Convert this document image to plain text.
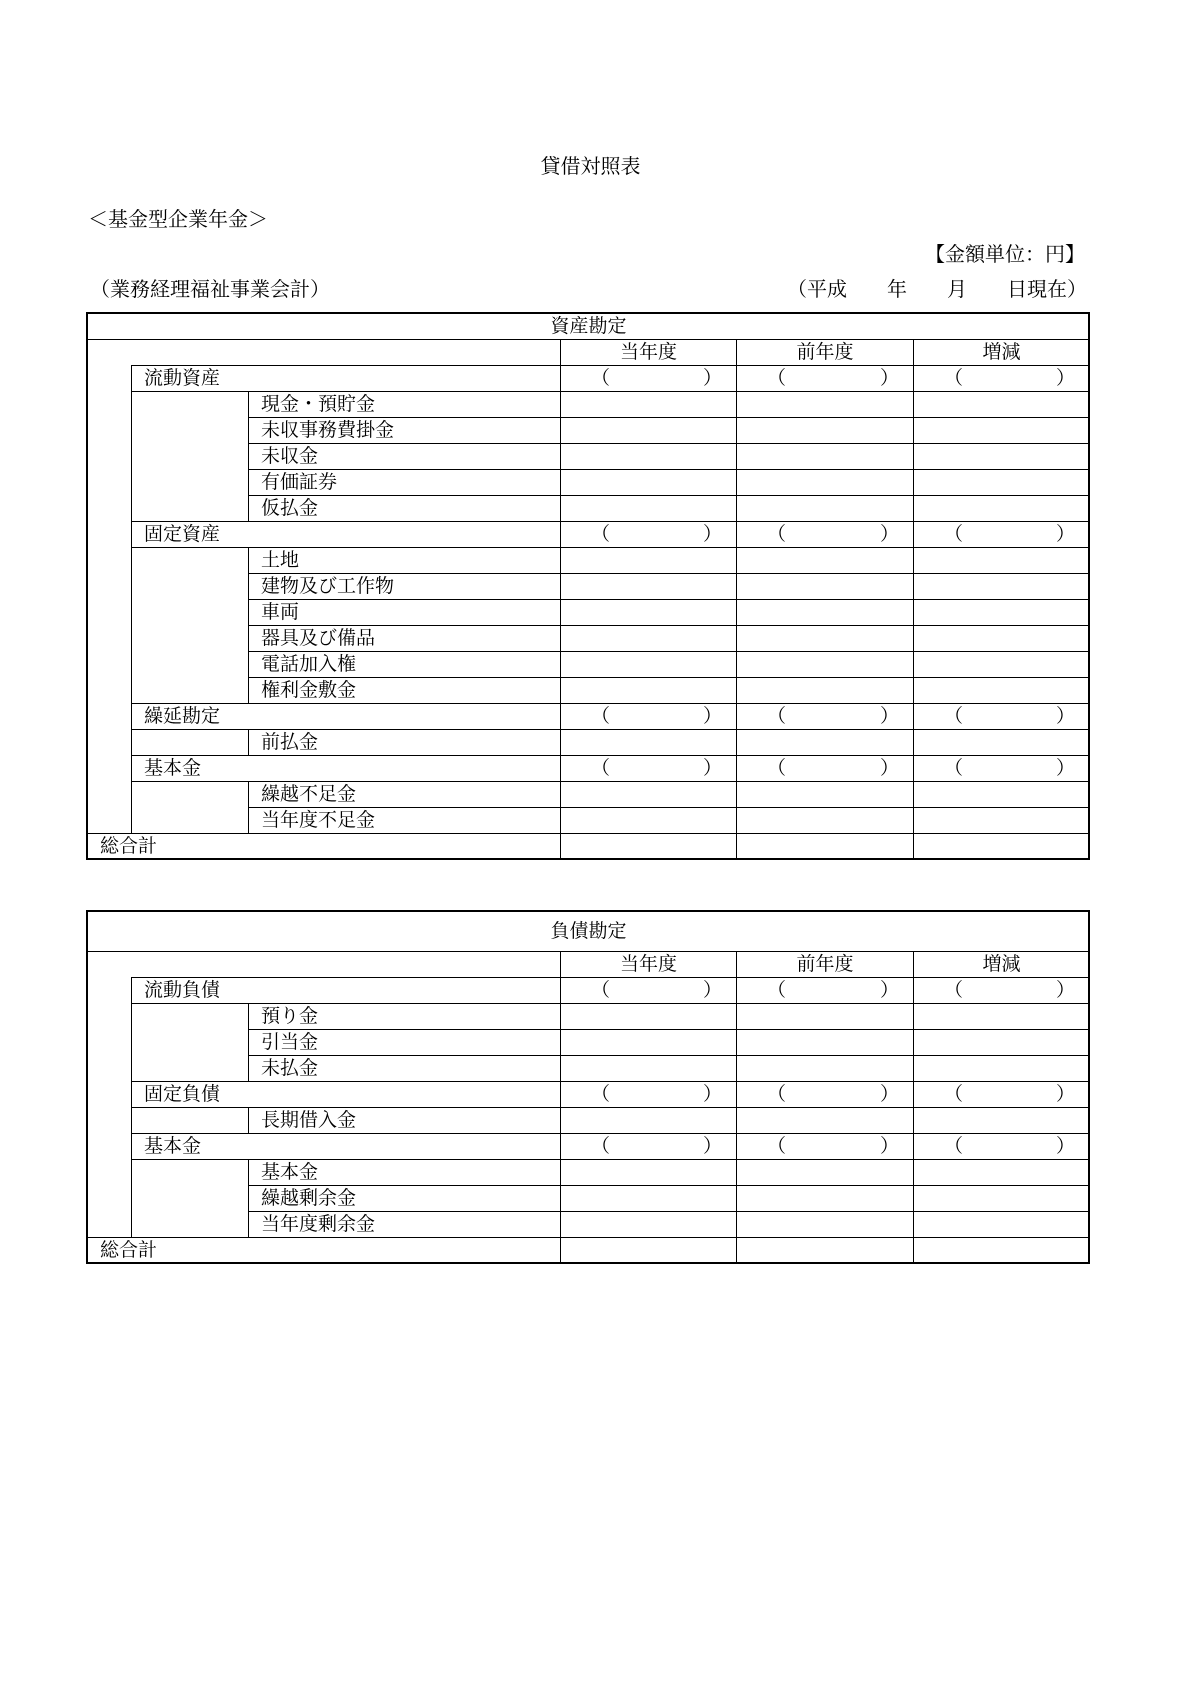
貸借対照表
＜基金型企業年金＞
【金額単位：円】
（業務経理福祉事業会計）	（平成 年 月 日現在）
資産勘定					
			当年度	前年度	増減
	流動資産		（ ）	（ ）	（ ）

		現金・預貯金			
		未収事務費掛金			
		未収金			
		有価証券			
		仮払金			
	固定資産		（ ）	（ ）	（ ）

		土地			
		建物及び工作物			
		車両			
		器具及び備品			
		電話加入権			
		権利金敷金			
	繰延勘定		（ ）	（ ）	（ ）

		前払金			
	基本金		（ ）	（ ）	（ ）

		繰越不足金			
		当年度不足金			
総合計					
負債勘定					
			当年度	前年度	増減
	流動負債		（ ）	（ ）	（ ）

		預り金			
		引当金			
		未払金			
	固定負債		（ ）	（ ）	（ ）

		長期借入金			
	基本金		（ ）	（ ）	（ ）

		基本金			
		繰越剰余金			
		当年度剰余金			
総合計					
